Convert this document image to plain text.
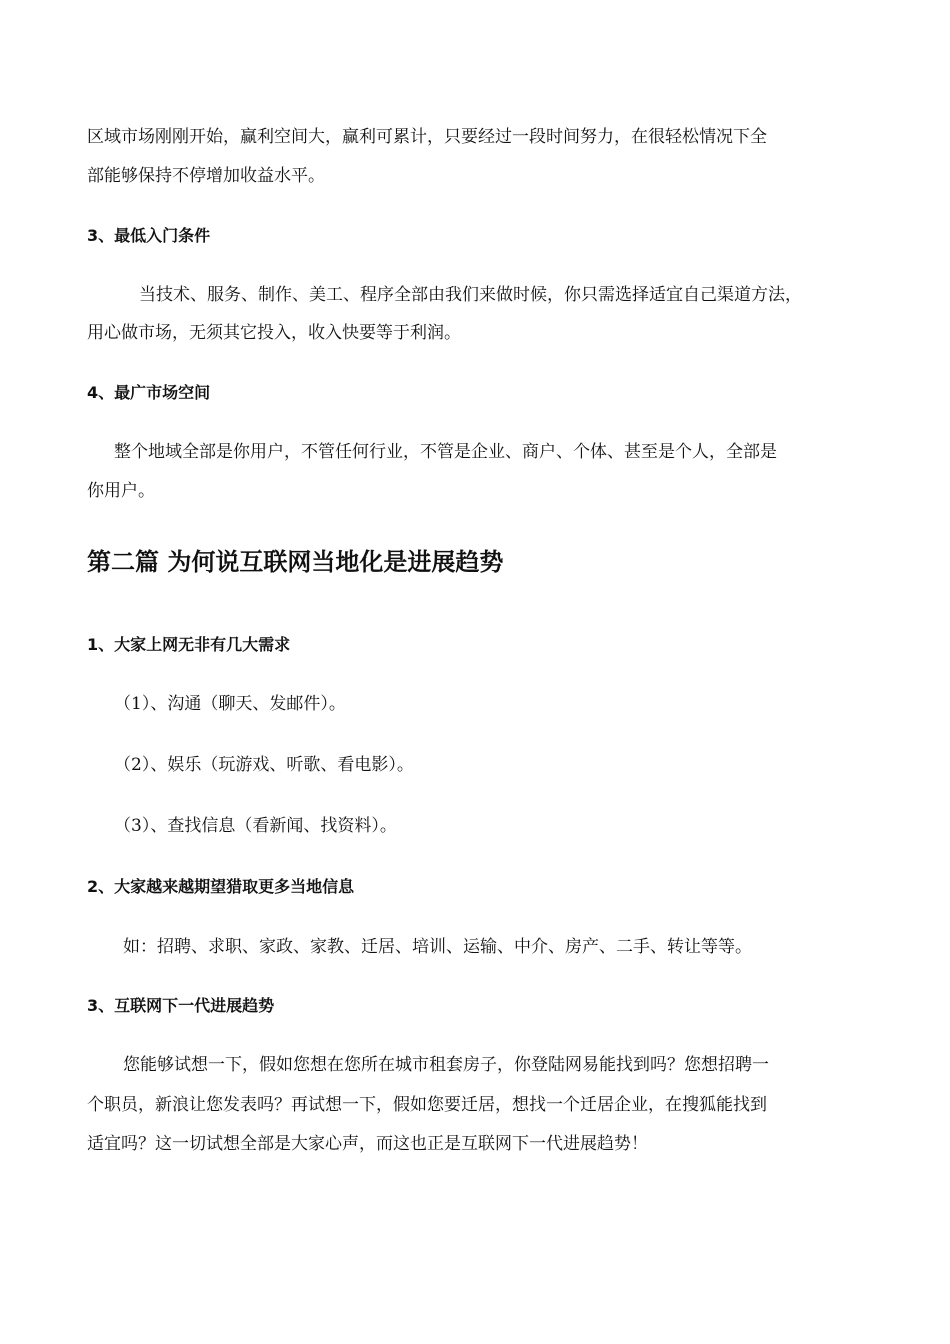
区域市场刚刚开始，赢利空间大，赢利可累计，只要经过一段时间努力，在很轻松情况下全
部能够保持不停增加收益水平。
3、最低入门条件
　　当技术、服务、制作、美工、程序全部由我们来做时候，你只需选择适宜自己渠道方法，
用心做市场，无须其它投入，收入快要等于利润。
4、最广市场空间
　整个地域全部是你用户，不管任何行业，不管是企业、商户、个体、甚至是个人，全部是
你用户。
第二篇 为何说互联网当地化是进展趋势
1、大家上网无非有几大需求
（1）、沟通（聊天、发邮件）。
（2）、娱乐（玩游戏、听歌、看电影）。
（3）、查找信息（看新闻、找资料）。
2、大家越来越期望猎取更多当地信息
如：招聘、求职、家政、家教、迁居、培训、运输、中介、房产、二手、转让等等。
3、互联网下一代进展趋势
您能够试想一下，假如您想在您所在城市租套房子，你登陆网易能找到吗？您想招聘一
个职员，新浪让您发表吗？再试想一下，假如您要迁居，想找一个迁居企业，在搜狐能找到
适宜吗？这一切试想全部是大家心声，而这也正是互联网下一代进展趋势！
